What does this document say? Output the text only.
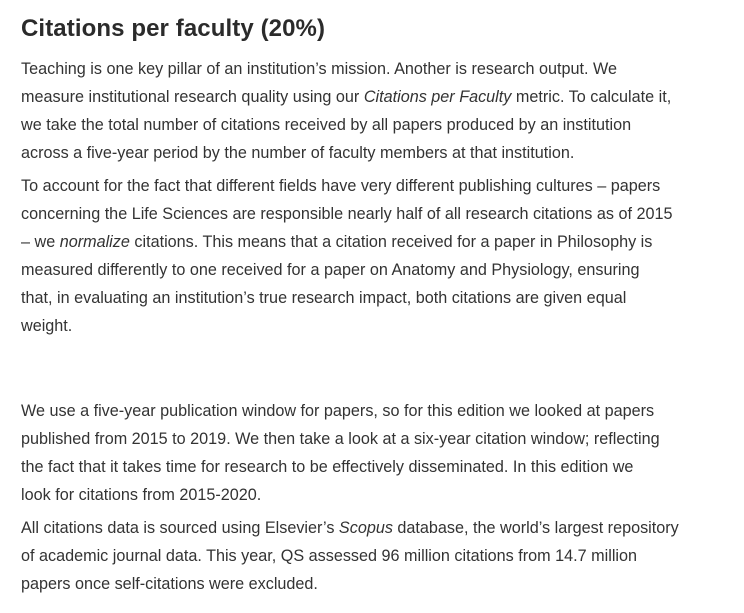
Citations per faculty (20%)

Teaching is one key pillar of an institution’s mission. Another is research output. We
measure institutional research quality using our Citations per Faculty metric. To calculate it,
we take the total number of citations received by all papers produced by an institution
across a five-year period by the number of faculty members at that institution.

To account for the fact that different fields have very different publishing cultures – papers
concerning the Life Sciences are responsible nearly half of all research citations as of 2015
– we normalize citations. This means that a citation received for a paper in Philosophy is
measured differently to one received for a paper on Anatomy and Physiology, ensuring
that, in evaluating an institution’s true research impact, both citations are given equal
weight.

We use a five-year publication window for papers, so for this edition we looked at papers
published from 2015 to 2019. We then take a look at a six-year citation window; reflecting
the fact that it takes time for research to be effectively disseminated. In this edition we
look for citations from 2015-2020.

All citations data is sourced using Elsevier’s Scopus database, the world’s largest repository
of academic journal data. This year, QS assessed 96 million citations from 14.7 million
papers once self-citations were excluded.
